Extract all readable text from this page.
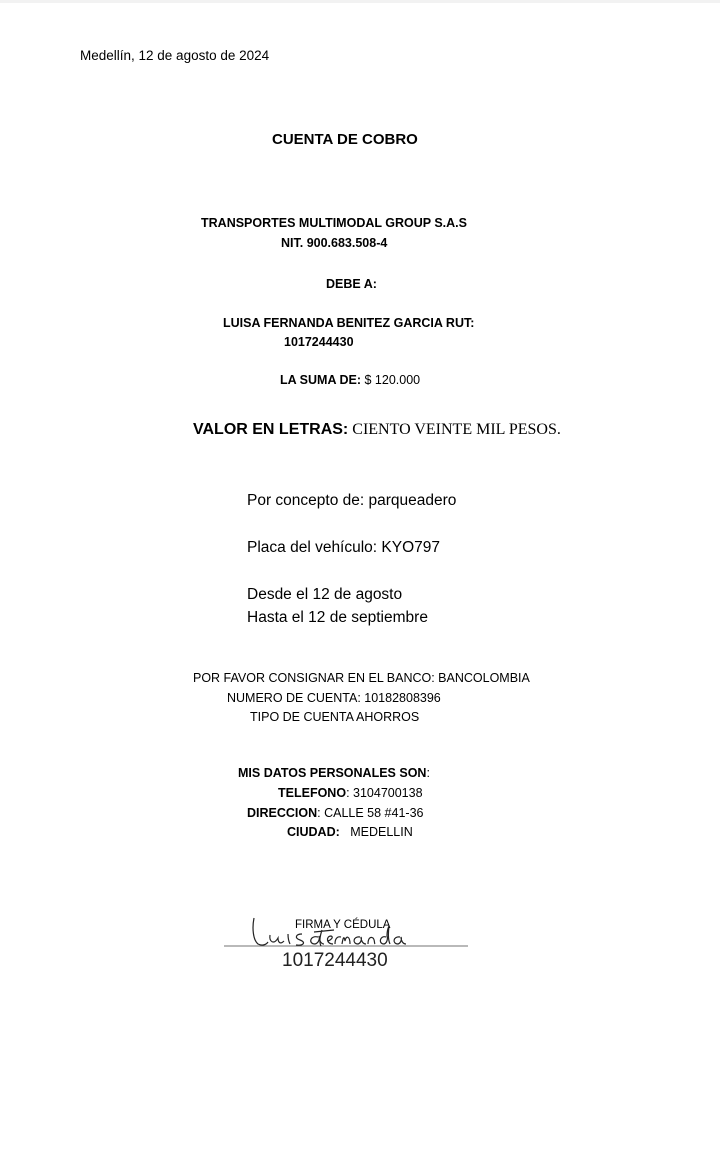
Medellín, 12 de agosto de 2024
CUENTA DE COBRO
TRANSPORTES MULTIMODAL GROUP S.A.S
NIT. 900.683.508-4
DEBE A:
LUISA FERNANDA BENITEZ GARCIA RUT:
1017244430
LA SUMA DE: $ 120.000
VALOR EN LETRAS: CIENTO VEINTE MIL PESOS.
Por concepto de: parqueadero
Placa del vehículo: KYO797
Desde el 12 de agosto
Hasta el 12 de septiembre
POR FAVOR CONSIGNAR EN EL BANCO: BANCOLOMBIA
NUMERO DE CUENTA: 10182808396
TIPO DE CUENTA AHORROS
MIS DATOS PERSONALES SON:
TELEFONO: 3104700138
DIRECCION: CALLE 58 #41-36
CIUDAD:   MEDELLIN
FIRMA Y CÉDULA
1017244430
